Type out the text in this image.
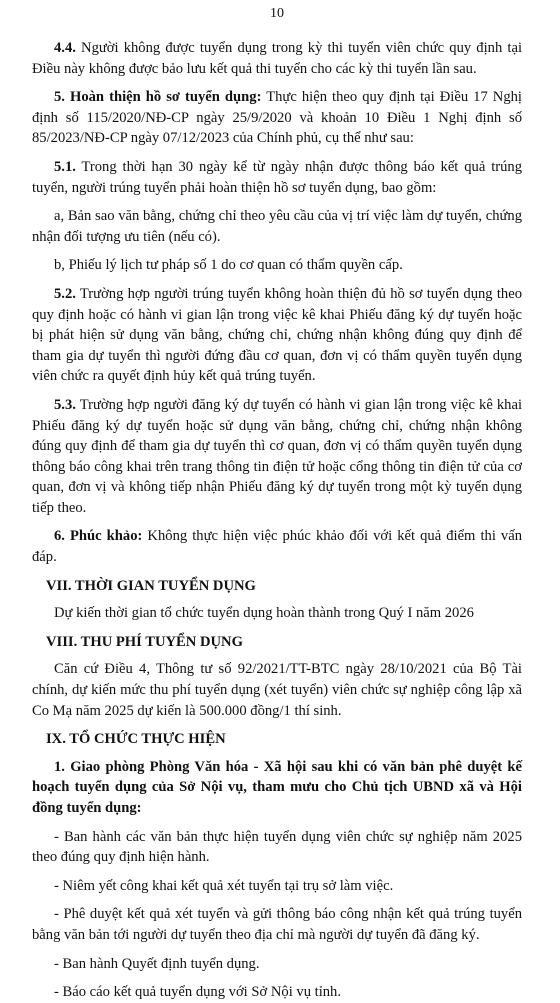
10

4.4. Người không được tuyển dụng trong kỳ thi tuyển viên chức quy định tại Điều này không được bảo lưu kết quả thi tuyển cho các kỳ thi tuyển lần sau.

5. Hoàn thiện hồ sơ tuyển dụng: Thực hiện theo quy định tại Điều 17 Nghị định số 115/2020/NĐ-CP ngày 25/9/2020 và khoản 10 Điều 1 Nghị định số 85/2023/NĐ-CP ngày 07/12/2023 của Chính phủ, cụ thể như sau:

5.1. Trong thời hạn 30 ngày kể từ ngày nhận được thông báo kết quả trúng tuyển, người trúng tuyển phải hoàn thiện hồ sơ tuyển dụng, bao gồm:

a, Bản sao văn bằng, chứng chỉ theo yêu cầu của vị trí việc làm dự tuyển, chứng nhận đối tượng ưu tiên (nếu có).

b, Phiếu lý lịch tư pháp số 1 do cơ quan có thẩm quyền cấp.

5.2. Trường hợp người trúng tuyển không hoàn thiện đủ hồ sơ tuyển dụng theo quy định hoặc có hành vi gian lận trong việc kê khai Phiếu đăng ký dự tuyển hoặc bị phát hiện sử dụng văn bằng, chứng chỉ, chứng nhận không đúng quy định để tham gia dự tuyển thì người đứng đầu cơ quan, đơn vị có thẩm quyền tuyển dụng viên chức ra quyết định hủy kết quả trúng tuyển.

5.3. Trường hợp người đăng ký dự tuyển có hành vi gian lận trong việc kê khai Phiếu đăng ký dự tuyển hoặc sử dụng văn bằng, chứng chỉ, chứng nhận không đúng quy định để tham gia dự tuyển thì cơ quan, đơn vị có thẩm quyền tuyển dụng thông báo công khai trên trang thông tin điện tử hoặc cổng thông tin điện tử của cơ quan, đơn vị và không tiếp nhận Phiếu đăng ký dự tuyển trong một kỳ tuyển dụng tiếp theo.

6. Phúc khảo: Không thực hiện việc phúc khảo đối với kết quả điểm thi vấn đáp.

VII. THỜI GIAN TUYỂN DỤNG

Dự kiến thời gian tổ chức tuyển dụng hoàn thành trong Quý I năm 2026

VIII. THU PHÍ TUYỂN DỤNG

Căn cứ Điều 4, Thông tư số 92/2021/TT-BTC ngày 28/10/2021 của Bộ Tài chính, dự kiến mức thu phí tuyển dụng (xét tuyển) viên chức sự nghiệp công lập xã Co Mạ năm 2025 dự kiến là 500.000 đồng/1 thí sinh.

IX. TỔ CHỨC THỰC HIỆN

1. Giao phòng Phòng Văn hóa - Xã hội sau khi có văn bản phê duyệt kế hoạch tuyển dụng của Sở Nội vụ, tham mưu cho Chủ tịch UBND xã và Hội đồng tuyển dụng:

- Ban hành các văn bản thực hiện tuyển dụng viên chức sự nghiệp năm 2025 theo đúng quy định hiện hành.

- Niêm yết công khai kết quả xét tuyển tại trụ sở làm việc.

- Phê duyệt kết quả xét tuyển và gửi thông báo công nhận kết quả trúng tuyển bằng văn bản tới người dự tuyển theo địa chỉ mà người dự tuyển đã đăng ký.

- Ban hành Quyết định tuyển dụng.

- Báo cáo kết quả tuyển dụng với Sở Nội vụ tỉnh.
